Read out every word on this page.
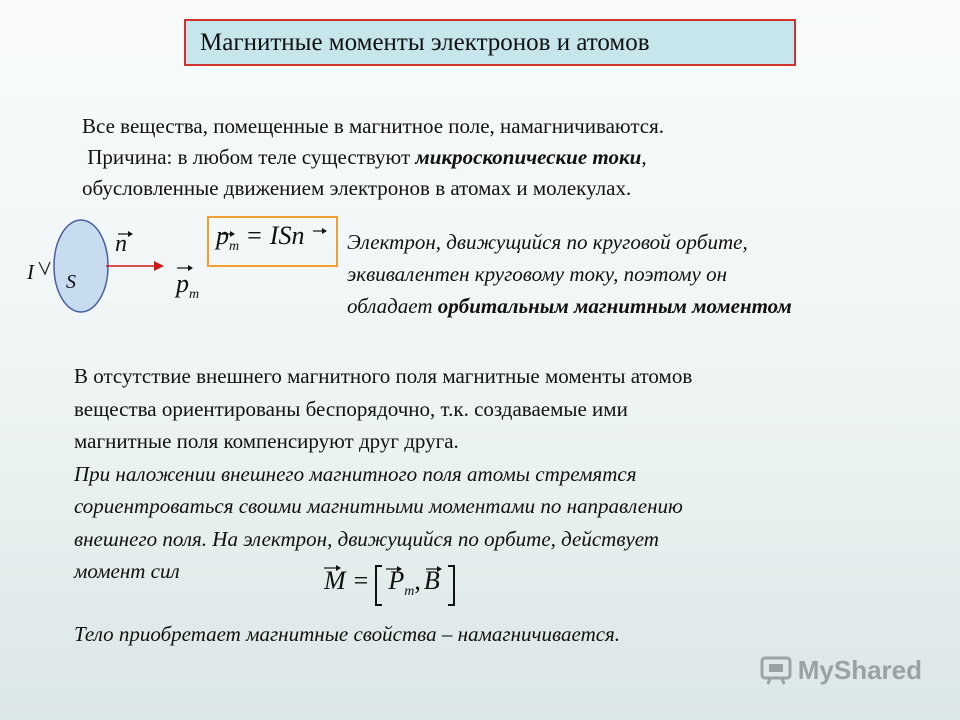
Магнитные моменты электронов и атомов
Все вещества, помещенные в магнитное поле, намагничиваются.
Причина: в любом теле существуют микроскопические токи,
обусловленные движением электронов в атомах и молекулах.
I S
n
$p_m$
$p_m$ = ISn Электрон, движущийся по круговой орбите,
эквивалентен круговому току, поэтому он
обладает орбитальным магнитным моментом
В отсутствие внешнего магнитного поля магнитные моменты атомов
вещества ориентированы беспорядочно, т.к. создаваемые ими
магнитные поля компенсируют друг друга.
При наложении внешнего магнитного поля атомы стремятся
сориентроваться своими магнитными моментами по направлению
внешнего поля. На электрон, движущийся по орбите, действует
момент сил	$M = P_m$, B
Тело приобретает магнитные свойства – намагничивается.
MyShared
